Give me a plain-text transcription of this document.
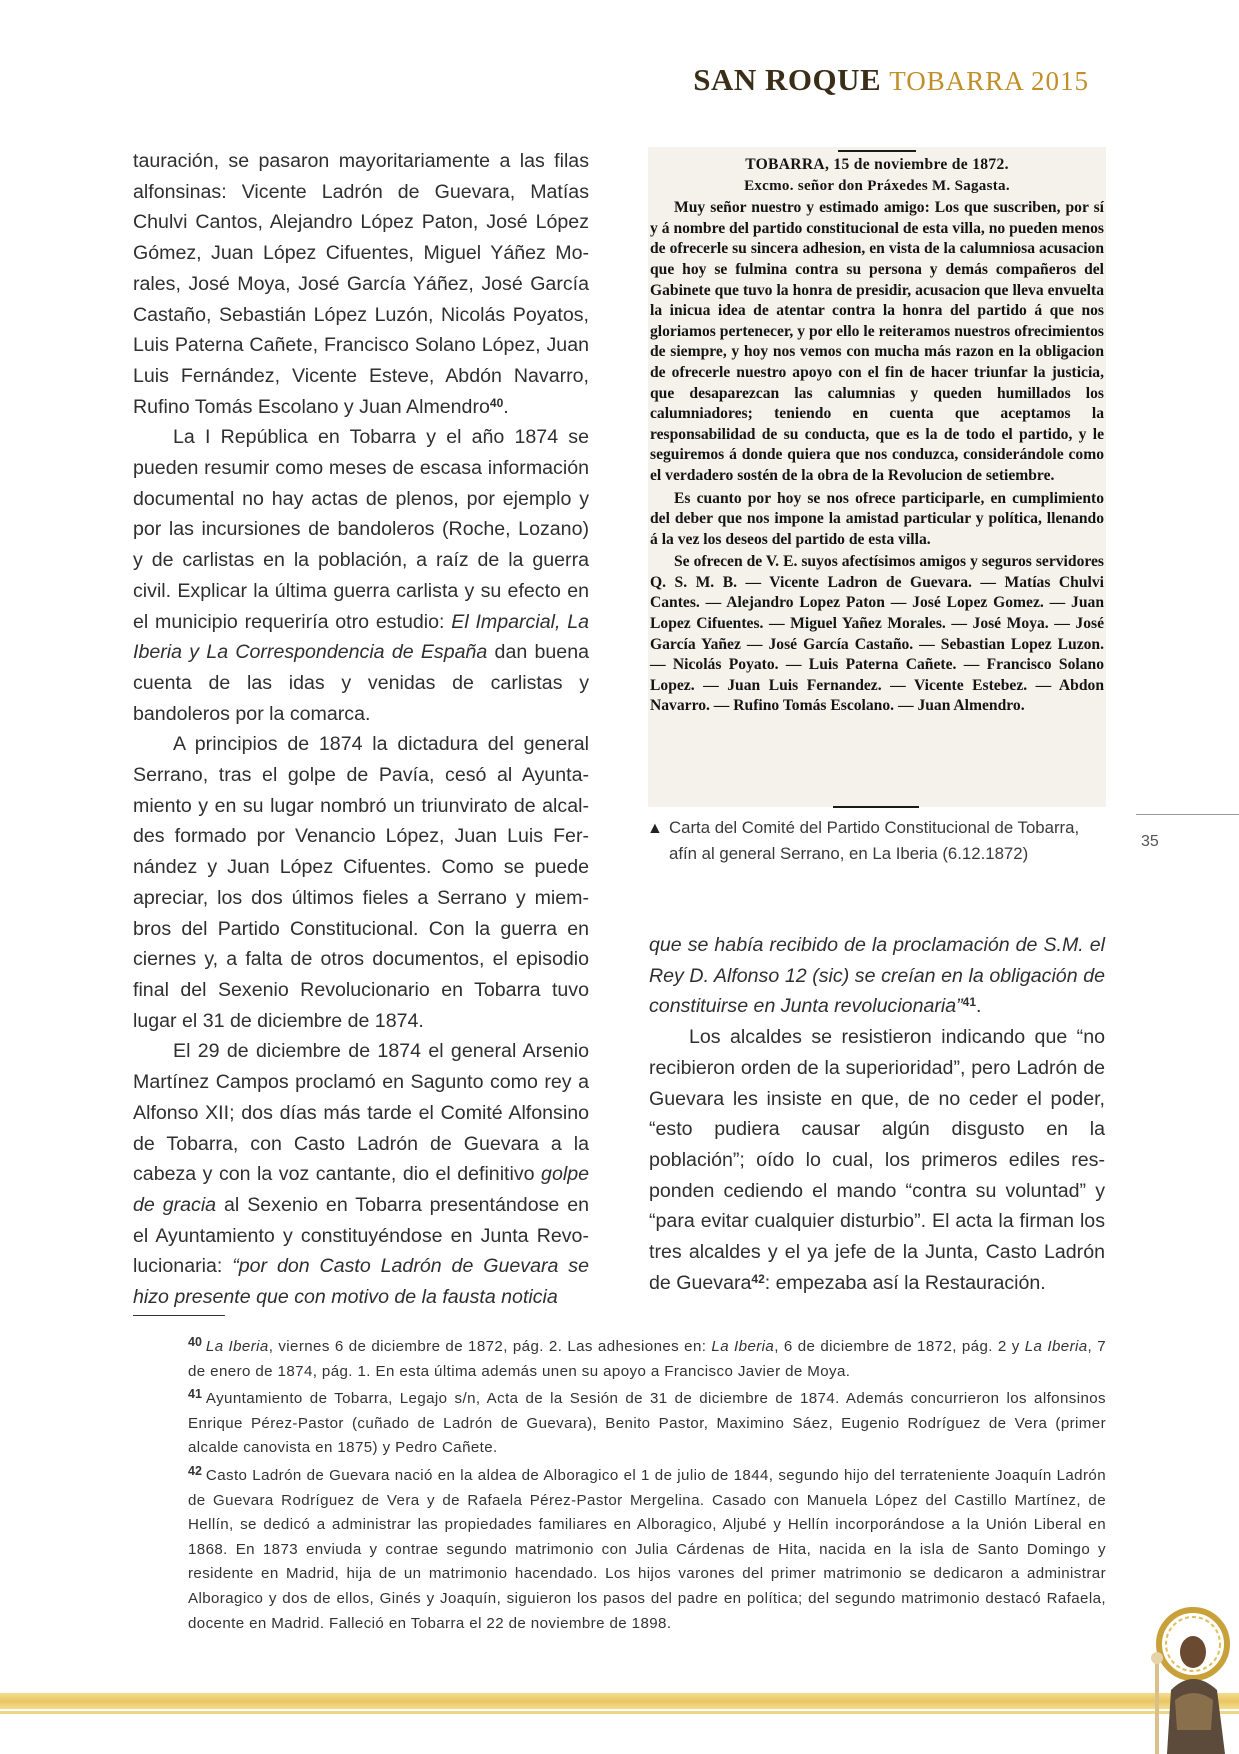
SAN ROQUE TOBARRA 2015

tauración, se pasaron mayoritariamente a las filas alfonsinas: Vicente Ladrón de Guevara, Matías Chulvi Cantos, Alejandro López Paton, José López Gómez, Juan López Cifuentes, Miguel Yáñez Morales, José Moya, José García Yáñez, José García Castaño, Sebastián López Luzón, Nicolás Poyatos, Luis Paterna Cañete, Francisco Solano López, Juan Luis Fernández, Vicente Esteve, Abdón Navarro, Rufino Tomás Escolano y Juan Almendro$^{40}$.

La I República en Tobarra y el año 1874 se pueden resumir como meses de escasa información documental no hay actas de plenos, por ejemplo y por las incursiones de bandoleros (Roche, Lozano) y de carlistas en la población, a raíz de la guerra civil. Explicar la última guerra carlista y su efecto en el municipio requeriría otro estudio: El Imparcial, La Iberia y La Correspondencia de España dan buena cuenta de las idas y venidas de carlistas y bandoleros por la comarca.

A principios de 1874 la dictadura del general Serrano, tras el golpe de Pavía, cesó al Ayuntamiento y en su lugar nombró un triunvirato de alcaldes formado por Venancio López, Juan Luis Fernández y Juan López Cifuentes. Como se puede apreciar, los dos últimos fieles a Serrano y miembros del Partido Constitucional. Con la guerra en ciernes y, a falta de otros documentos, el episodio final del Sexenio Revolucionario en Tobarra tuvo lugar el 31 de diciembre de 1874.

El 29 de diciembre de 1874 el general Arsenio Martínez Campos proclamó en Sagunto como rey a Alfonso XII; dos días más tarde el Comité Alfonsino de Tobarra, con Casto Ladrón de Guevara a la cabeza y con la voz cantante, dio el definitivo golpe de gracia al Sexenio en Tobarra presentándose en el Ayuntamiento y constituyéndose en Junta Revolucionaria: “por don Casto Ladrón de Guevara se hizo presente que con motivo de la fausta noticia

TOBARRA, 15 de noviembre de 1872.
Excmo. señor don Práxedes M. Sagasta.

Muy señor nuestro y estimado amigo: Los que suscriben, por sí y á nombre del partido constitucional de esta villa, no pueden menos de ofrecerle su sincera adhesion, en vista de la calumniosa acusacion que hoy se fulmina contra su persona y demás compañeros del Gabinete que tuvo la honra de presidir, acusacion que lleva envuelta la inicua idea de atentar contra la honra del partido á que nos gloriamos pertenecer, y por ello le reiteramos nuestros ofrecimientos de siempre, y hoy nos vemos con mucha más razon en la obligacion de ofrecerle nuestro apoyo con el fin de hacer triunfar la justicia, que desaparezcan las calumnias y queden humillados los calumniadores; teniendo en cuenta que aceptamos la responsabilidad de su conducta, que es la de todo el partido, y le seguiremos á donde quiera que nos conduzca, considerándole como el verdadero sostén de la obra de la Revolucion de setiembre.

Es cuanto por hoy se nos ofrece participarle, en cumplimiento del deber que nos impone la amistad particular y política, llenando á la vez los deseos del partido de esta villa.

Se ofrecen de V. E. suyos afectísimos amigos y seguros servidores Q. S. M. B. — Vicente Ladron de Guevara. — Matías Chulvi Cantes. — Alejandro Lopez Paton — José Lopez Gomez. — Juan Lopez Cifuentes. — Miguel Yañez Morales. — José Moya. — José García Yañez — José García Castaño. — Sebastian Lopez Luzon. — Nicolás Poyato. — Luis Paterna Cañete. — Francisco Solano Lopez. — Juan Luis Fernandez. — Vicente Estebez. — Abdon Navarro. — Rufino Tomás Escolano. — Juan Almendro.

▲ Carta del Comité del Partido Constitucional de Tobarra, afín al general Serrano, en La Iberia (6.12.1872)
35

que se había recibido de la proclamación de S.M. el Rey D. Alfonso 12 (sic) se creían en la obligación de constituirse en Junta revolucionaria”$^{41}$.

Los alcaldes se resistieron indicando que “no recibieron orden de la superioridad”, pero Ladrón de Guevara les insiste en que, de no ceder el poder, “esto pudiera causar algún disgusto en la población”; oído lo cual, los primeros ediles responden cediendo el mando “contra su voluntad” y “para evitar cualquier disturbio”. El acta la firman los tres alcaldes y el ya jefe de la Junta, Casto Ladrón de Guevara$^{42}$: empezaba así la Restauración.

$^{40}$ La Iberia, viernes 6 de diciembre de 1872, pág. 2. Las adhesiones en: La Iberia, 6 de diciembre de 1872, pág. 2 y La Iberia, 7 de enero de 1874, pág. 1. En esta última además unen su apoyo a Francisco Javier de Moya.

$^{41}$ Ayuntamiento de Tobarra, Legajo s/n, Acta de la Sesión de 31 de diciembre de 1874. Además concurrieron los alfonsinos Enrique Pérez-Pastor (cuñado de Ladrón de Guevara), Benito Pastor, Maximino Sáez, Eugenio Rodríguez de Vera (primer alcalde canovista en 1875) y Pedro Cañete.

$^{42}$ Casto Ladrón de Guevara nació en la aldea de Alboragico el 1 de julio de 1844, segundo hijo del terrateniente Joaquín Ladrón de Guevara Rodríguez de Vera y de Rafaela Pérez-Pastor Mergelina. Casado con Manuela López del Castillo Martínez, de Hellín, se dedicó a administrar las propiedades familiares en Alboragico, Aljubé y Hellín incorporándose a la Unión Liberal en 1868. En 1873 enviuda y contrae segundo matrimonio con Julia Cárdenas de Hita, nacida en la isla de Santo Domingo y residente en Madrid, hija de un matrimonio hacendado. Los hijos varones del primer matrimonio se dedicaron a administrar Alboragico y dos de ellos, Ginés y Joaquín, siguieron los pasos del padre en política; del segundo matrimonio destacó Rafaela, docente en Madrid. Falleció en Tobarra el 22 de noviembre de 1898.
